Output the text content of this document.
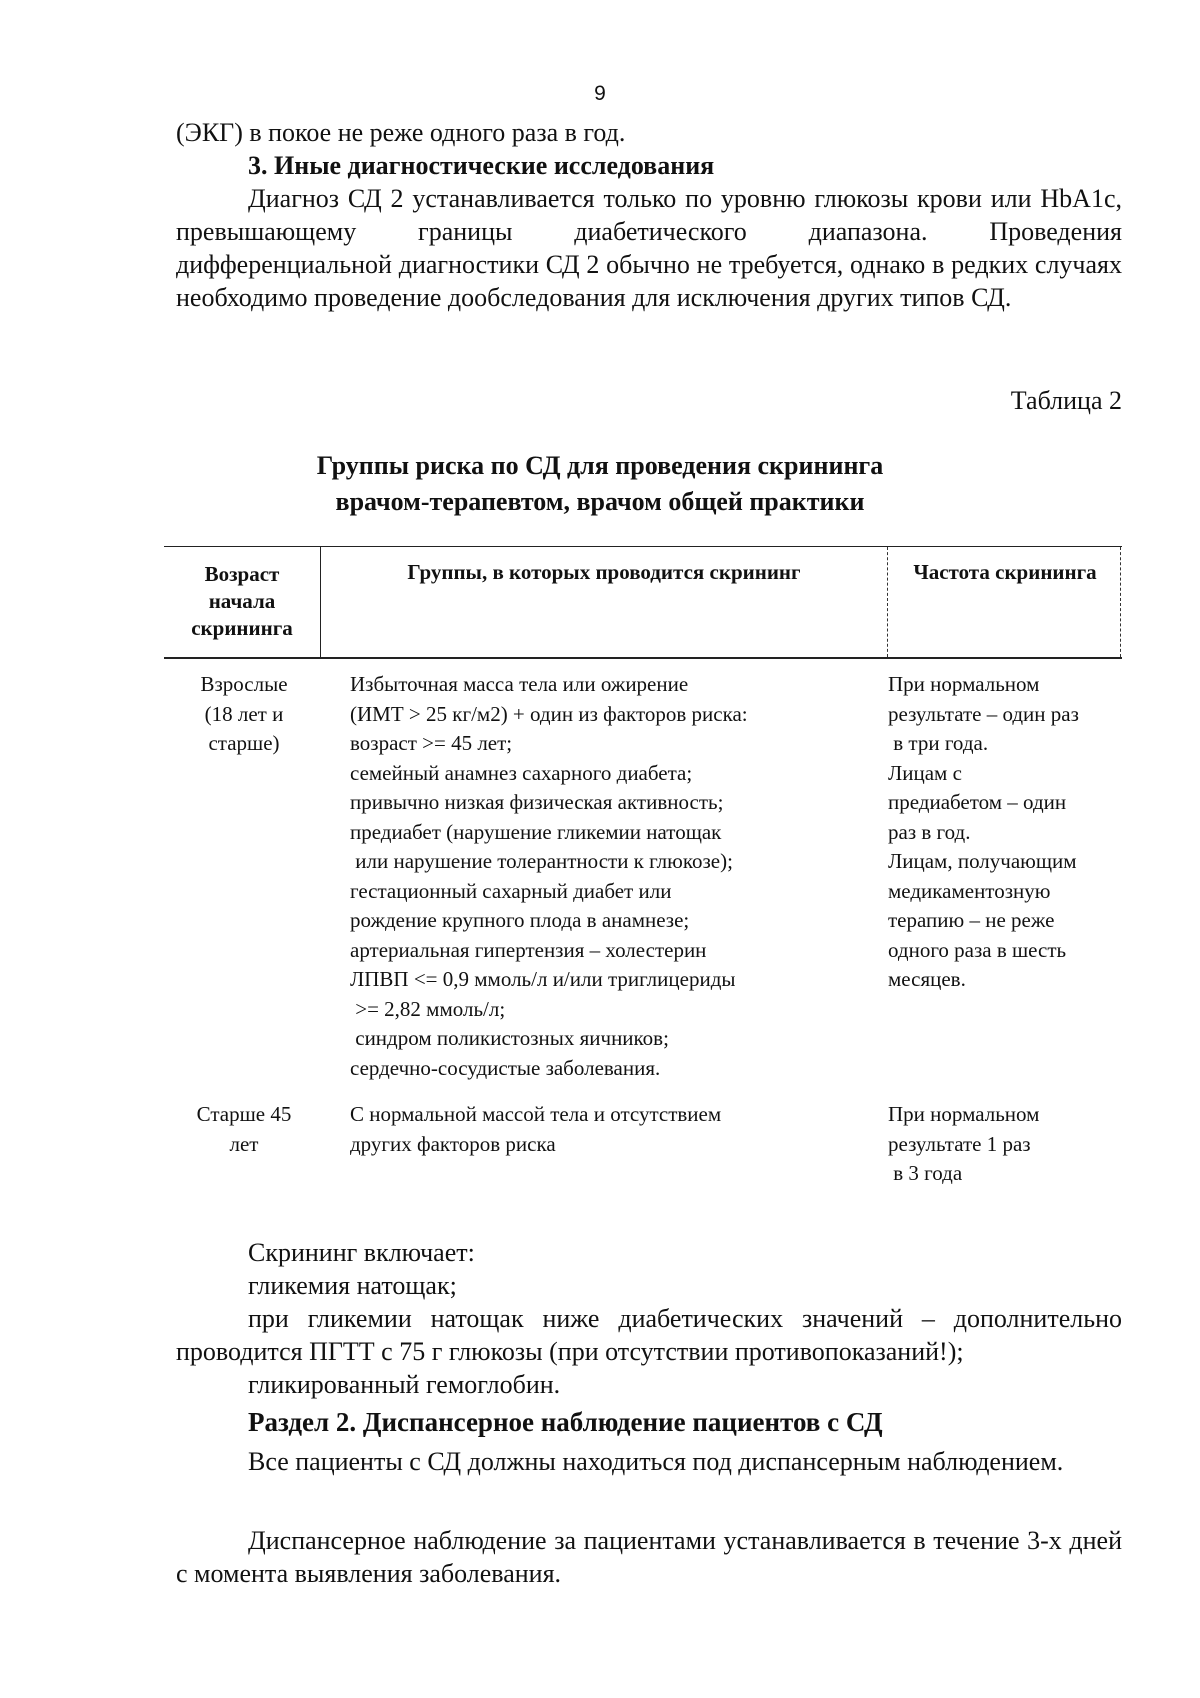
9
(ЭКГ) в покое не реже одного раза в год.
3. Иные диагностические исследования
Диагноз СД 2 устанавливается только по уровню глюкозы крови или HbA1c, превышающему границы диабетического диапазона. Проведения дифференциальной диагностики СД 2 обычно не требуется, однако в редких случаях необходимо проведение дообследования для исключения других типов СД.
Таблица 2
Группы риска по СД для проведения скрининга
врачом-терапевтом, врачом общей практики
Возраст начала скрининга
Группы, в которых проводится скрининг	Частота скрининга
Взрослые (18 лет и старше)
Избыточная масса тела или ожирение
(ИМТ > 25 кг/м2) + один из факторов риска:
возраст >= 45 лет;
семейный анамнез сахарного диабета;
привычно низкая физическая активность;
предиабет (нарушение гликемии натощак
или нарушение толерантности к глюкозе);
гестационный сахарный диабет или
рождение крупного плода в анамнезе;
артериальная гипертензия – холестерин
ЛПВП <= 0,9 ммоль/л и/или триглицериды
>= 2,82 ммоль/л;
синдром поликистозных яичников;
сердечно-сосудистые заболевания.
При нормальном
результате – один раз
в три года.
Лицам с
предиабетом – один
раз в год.
Лицам, получающим
медикаментозную
терапию – не реже
одного раза в шесть
месяцев.
Старше 45 лет
С нормальной массой тела и отсутствием
других факторов риска
При нормальном
результате 1 раз
в 3 года
Скрининг включает:
гликемия натощак;
при гликемии натощак ниже диабетических значений – дополнительно проводится ПГТТ с 75 г глюкозы (при отсутствии противопоказаний!);
гликированный гемоглобин.
Раздел 2. Диспансерное наблюдение пациентов с СД
Все пациенты с СД должны находиться под диспансерным наблюдением.
Диспансерное наблюдение за пациентами устанавливается в течение 3-х дней с момента выявления заболевания.
